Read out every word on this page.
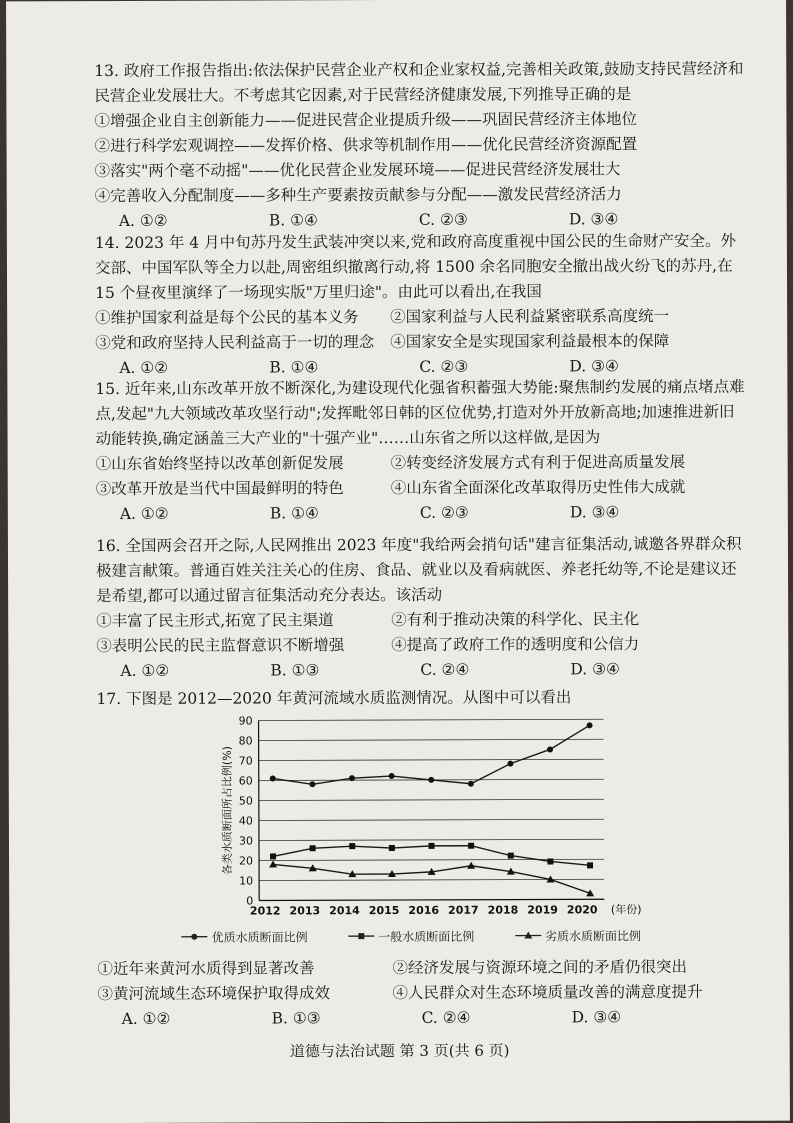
13. 政府工作报告指出:依法保护民营企业产权和企业家权益,完善相关政策,鼓励支持民营经济和民营企业发展壮大。不考虑其它因素,对于民营经济健康发展,下列推导正确的是
①增强企业自主创新能力——促进民营企业提质升级——巩固民营经济主体地位
②进行科学宏观调控——发挥价格、供求等机制作用——优化民营经济资源配置
③落实"两个毫不动摇"——优化民营企业发展环境——促进民营经济发展壮大
④完善收入分配制度——多种生产要素按贡献参与分配——激发民营经济活力
A. ①②	B. ①④	C. ②③	D. ③④
14. 2023 年 4 月中旬苏丹发生武装冲突以来,党和政府高度重视中国公民的生命财产安全。外交部、中国军队等全力以赴,周密组织撤离行动,将 1500 余名同胞安全撤出战火纷飞的苏丹,在 15 个昼夜里演绎了一场现实版"万里归途"。由此可以看出,在我国
①维护国家利益是每个公民的基本义务	②国家利益与人民利益紧密联系高度统一
③党和政府坚持人民利益高于一切的理念	④国家安全是实现国家利益最根本的保障
A. ①②	B. ①④	C. ②③	D. ③④
15. 近年来,山东改革开放不断深化,为建设现代化强省积蓄强大势能:聚焦制约发展的痛点堵点难点,发起"九大领域改革攻坚行动";发挥毗邻日韩的区位优势,打造对外开放新高地;加速推进新旧动能转换,确定涵盖三大产业的"十强产业"……山东省之所以这样做,是因为
①山东省始终坚持以改革创新促发展	②转变经济发展方式有利于促进高质量发展
③改革开放是当代中国最鲜明的特色	④山东省全面深化改革取得历史性伟大成就
A. ①②	B. ①④	C. ②③	D. ③④
16. 全国两会召开之际,人民网推出 2023 年度"我给两会捎句话"建言征集活动,诚邀各界群众积极建言献策。普通百姓关注关心的住房、食品、就业以及看病就医、养老托幼等,不论是建议还是希望,都可以通过留言征集活动充分表达。该活动
①丰富了民主形式,拓宽了民主渠道	②有利于推动决策的科学化、民主化
③表明公民的民主监督意识不断增强	④提高了政府工作的透明度和公信力
A. ①②	B. ①③	C. ②④	D. ③④
17. 下图是 2012—2020 年黄河流域水质监测情况。从图中可以看出
0
10
20
30
40
50
60
70
80
90
各类水质断面所占比例(%)
2012 2013 2014 2015 2016 2017 2018 2019 2020 (年份)
优质水质断面比例	一般水质断面比例	劣质水质断面比例
①近年来黄河水质得到显著改善	②经济发展与资源环境之间的矛盾仍很突出
③黄河流域生态环境保护取得成效	④人民群众对生态环境质量改善的满意度提升
A. ①②	B. ①③	C. ②④	D. ③④
道德与法治试题 第 3 页(共 6 页)
